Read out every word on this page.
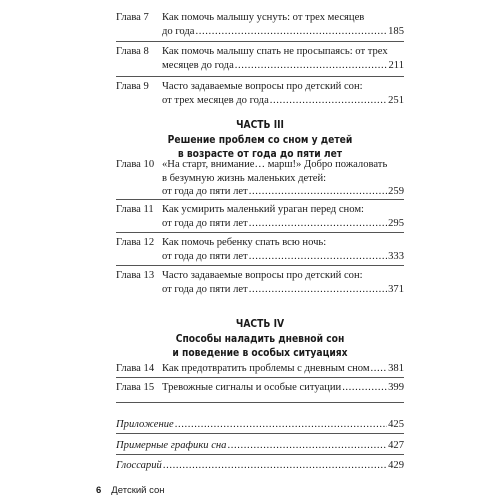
Глава 7	Как помочь малышу уснуть: от трех месяцев
до года .....	185
Глава 8	Как помочь малышу спать не просыпаясь: от трех
месяцев до года .....	211
Глава 9	Часто задаваемые вопросы про детский сон:
от трех месяцев до года .....	251
ЧАСТЬ III
Решение проблем со сном у детей
в возрасте от года до пяти лет
Глава 10 «На старт, внимание… марш!» Добро пожаловать
в безумную жизнь маленьких детей:
от года до пяти лет .....	259
Глава 11 Как усмирить маленький ураган перед сном:
от года до пяти лет .....	295
Глава 12 Как помочь ребенку спать всю ночь:
от года до пяти лет .....	333
Глава 13 Часто задаваемые вопросы про детский сон:
от года до пяти лет .....	371
ЧАСТЬ IV
Способы наладить дневной сон
и поведение в особых ситуациях
Глава 14 Как предотвратить проблемы с дневным сном ..... 381
Глава 15 Тревожные сигналы и особые ситуации .....	399
Приложение .....	425
Примерные графики сна .....	427
Глоссарий .....	429
6 Детский сон
